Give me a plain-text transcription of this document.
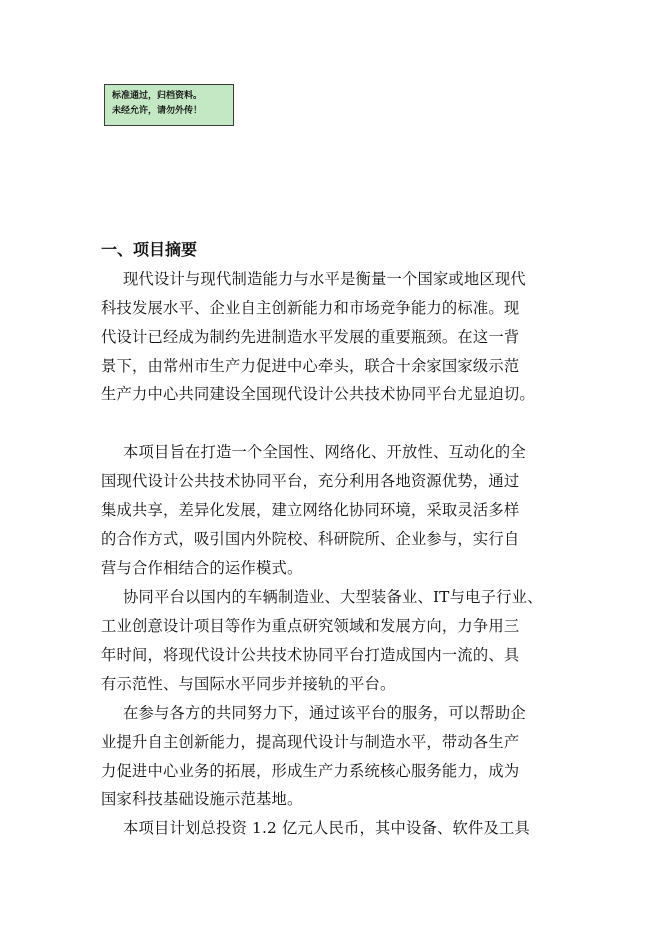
标准通过，归档资料。
未经允许，请勿外传！
一、项目摘要
现代设计与现代制造能力与水平是衡量一个国家或地区现代
科技发展水平、企业自主创新能力和市场竞争能力的标准。现
代设计已经成为制约先进制造水平发展的重要瓶颈。在这一背
景下，由常州市生产力促进中心牵头，联合十余家国家级示范
生产力中心共同建设全国现代设计公共技术协同平台尤显迫切。
本项目旨在打造一个全国性、网络化、开放性、互动化的全
国现代设计公共技术协同平台，充分利用各地资源优势，通过
集成共享，差异化发展，建立网络化协同环境，采取灵活多样
的合作方式，吸引国内外院校、科研院所、企业参与，实行自
营与合作相结合的运作模式。
协同平台以国内的车辆制造业、大型装备业、IT与电子行业、
工业创意设计项目等作为重点研究领域和发展方向，力争用三
年时间，将现代设计公共技术协同平台打造成国内一流的、具
有示范性、与国际水平同步并接轨的平台。
在参与各方的共同努力下，通过该平台的服务，可以帮助企
业提升自主创新能力，提高现代设计与制造水平，带动各生产
力促进中心业务的拓展，形成生产力系统核心服务能力，成为
国家科技基础设施示范基地。
本项目计划总投资 1.2 亿元人民币，其中设备、软件及工具
